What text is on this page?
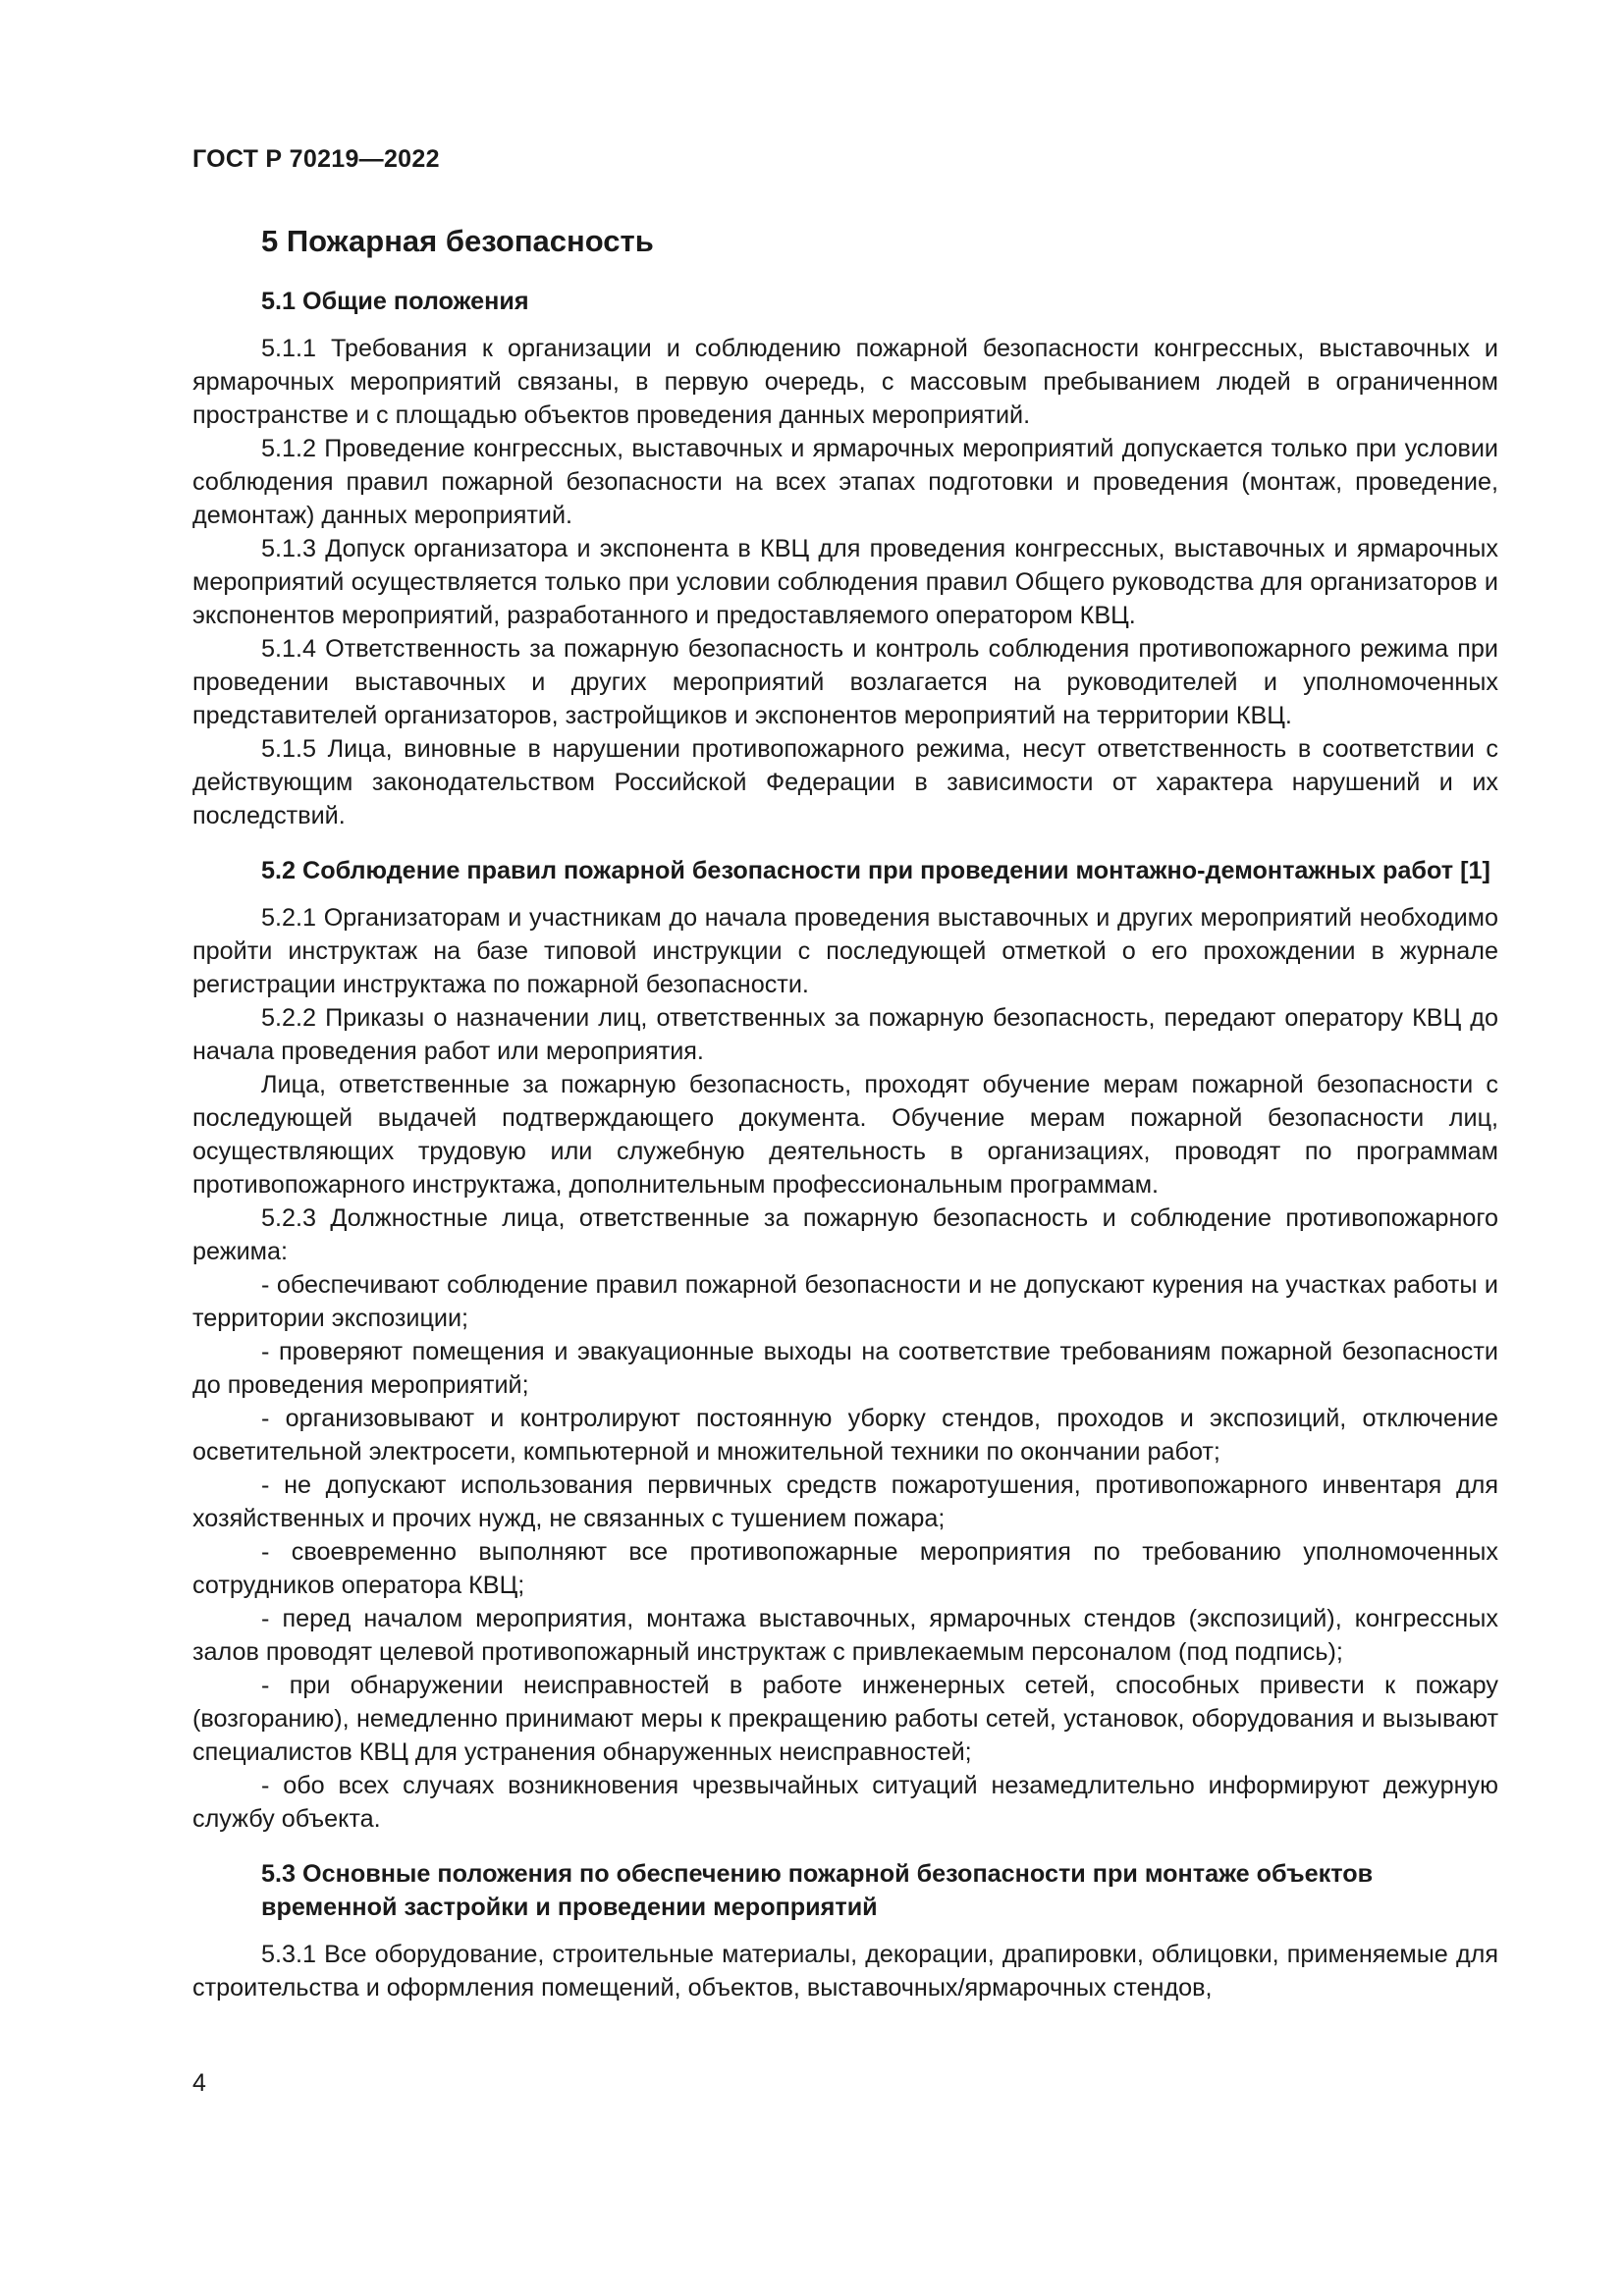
ГОСТ Р 70219—2022
5 Пожарная безопасность
5.1 Общие положения

5.1.1 Требования к организации и соблюдению пожарной безопасности конгрессных, выставочных и ярмарочных мероприятий связаны, в первую очередь, с массовым пребыванием людей в ограниченном пространстве и с площадью объектов проведения данных мероприятий.

5.1.2 Проведение конгрессных, выставочных и ярмарочных мероприятий допускается только при условии соблюдения правил пожарной безопасности на всех этапах подготовки и проведения (монтаж, проведение, демонтаж) данных мероприятий.

5.1.3 Допуск организатора и экспонента в КВЦ для проведения конгрессных, выставочных и ярмарочных мероприятий осуществляется только при условии соблюдения правил Общего руководства для организаторов и экспонентов мероприятий, разработанного и предоставляемого оператором КВЦ.

5.1.4 Ответственность за пожарную безопасность и контроль соблюдения противопожарного режима при проведении выставочных и других мероприятий возлагается на руководителей и уполномоченных представителей организаторов, застройщиков и экспонентов мероприятий на территории КВЦ.

5.1.5 Лица, виновные в нарушении противопожарного режима, несут ответственность в соответствии с действующим законодательством Российской Федерации в зависимости от характера нарушений и их последствий.

5.2 Соблюдение правил пожарной безопасности при проведении монтажно-демонтажных работ [1]

5.2.1 Организаторам и участникам до начала проведения выставочных и других мероприятий необходимо пройти инструктаж на базе типовой инструкции с последующей отметкой о его прохождении в журнале регистрации инструктажа по пожарной безопасности.

5.2.2 Приказы о назначении лиц, ответственных за пожарную безопасность, передают оператору КВЦ до начала проведения работ или мероприятия.

Лица, ответственные за пожарную безопасность, проходят обучение мерам пожарной безопасности с последующей выдачей подтверждающего документа. Обучение мерам пожарной безопасности лиц, осуществляющих трудовую или служебную деятельность в организациях, проводят по программам противопожарного инструктажа, дополнительным профессиональным программам.

5.2.3 Должностные лица, ответственные за пожарную безопасность и соблюдение противопожарного режима:

- обеспечивают соблюдение правил пожарной безопасности и не допускают курения на участках работы и территории экспозиции;

- проверяют помещения и эвакуационные выходы на соответствие требованиям пожарной безопасности до проведения мероприятий;

- организовывают и контролируют постоянную уборку стендов, проходов и экспозиций, отключение осветительной электросети, компьютерной и множительной техники по окончании работ;

- не допускают использования первичных средств пожаротушения, противопожарного инвентаря для хозяйственных и прочих нужд, не связанных с тушением пожара;

- своевременно выполняют все противопожарные мероприятия по требованию уполномоченных сотрудников оператора КВЦ;

- перед началом мероприятия, монтажа выставочных, ярмарочных стендов (экспозиций), конгрессных залов проводят целевой противопожарный инструктаж с привлекаемым персоналом (под подпись);

- при обнаружении неисправностей в работе инженерных сетей, способных привести к пожару (возгоранию), немедленно принимают меры к прекращению работы сетей, установок, оборудования и вызывают специалистов КВЦ для устранения обнаруженных неисправностей;

- обо всех случаях возникновения чрезвычайных ситуаций незамедлительно информируют дежурную службу объекта.

5.3 Основные положения по обеспечению пожарной безопасности при монтаже объектов временной застройки и проведении мероприятий

5.3.1 Все оборудование, строительные материалы, декорации, драпировки, облицовки, применяемые для строительства и оформления помещений, объектов, выставочных/ярмарочных стендов,

4
